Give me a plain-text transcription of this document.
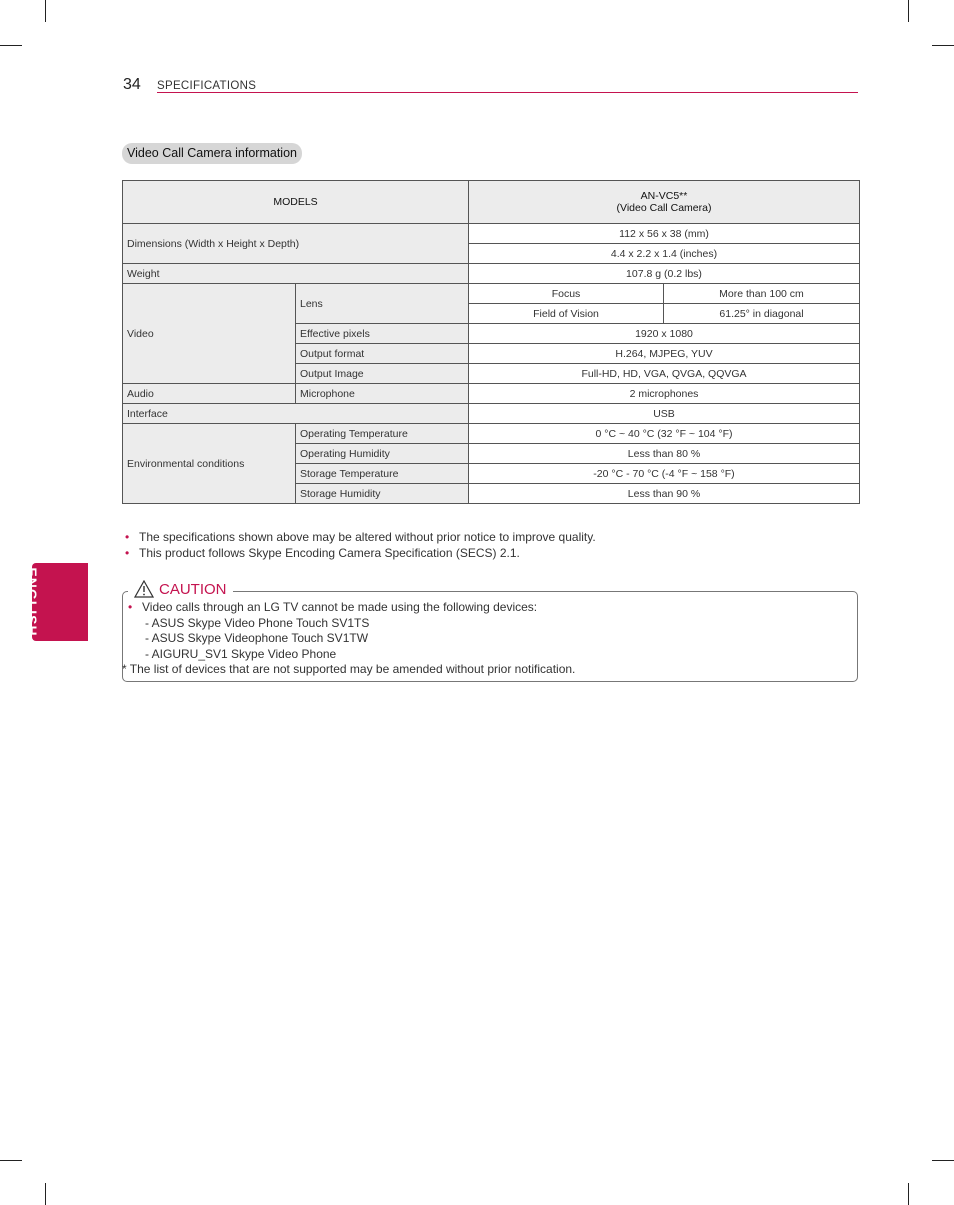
34 SPECIFICATIONS
ENGLISH
Video Call Camera information
MODELS		AN-VC5**
(Video Call Camera)	

Dimensions (Width x Height x Depth)		112 x 56 x 38 (mm)	
		4.4 x 2.2 x 1.4 (inches)	
Weight		107.8 g (0.2 lbs)	
Video	Lens	Focus	More than 100 cm
		Field of Vision	61.25° in diagonal
	Effective pixels	1920 x 1080	
	Output format	H.264, MJPEG, YUV	
	Output Image	Full-HD, HD, VGA, QVGA, QQVGA	
Audio	Microphone	2 microphones	
Interface		USB	
Environmental conditions	Operating Temperature	0 °C ~ 40 °C (32 °F ~ 104 °F)	
	Operating Humidity	Less than 80 %	
	Storage Temperature	-20 °C - 70 °C (-4 °F ~ 158 °F)	
	Storage Humidity	Less than 90 %	
• The specifications shown above may be altered without prior notice to improve quality.
• This product follows Skype Encoding Camera Specification (SECS) 2.1.
CAUTION
• Video calls through an LG TV cannot be made using the following devices:
- ASUS Skype Video Phone Touch SV1TS
- ASUS Skype Videophone Touch SV1TW
- AIGURU_SV1 Skype Video Phone
* The list of devices that are not supported may be amended without prior notification.
